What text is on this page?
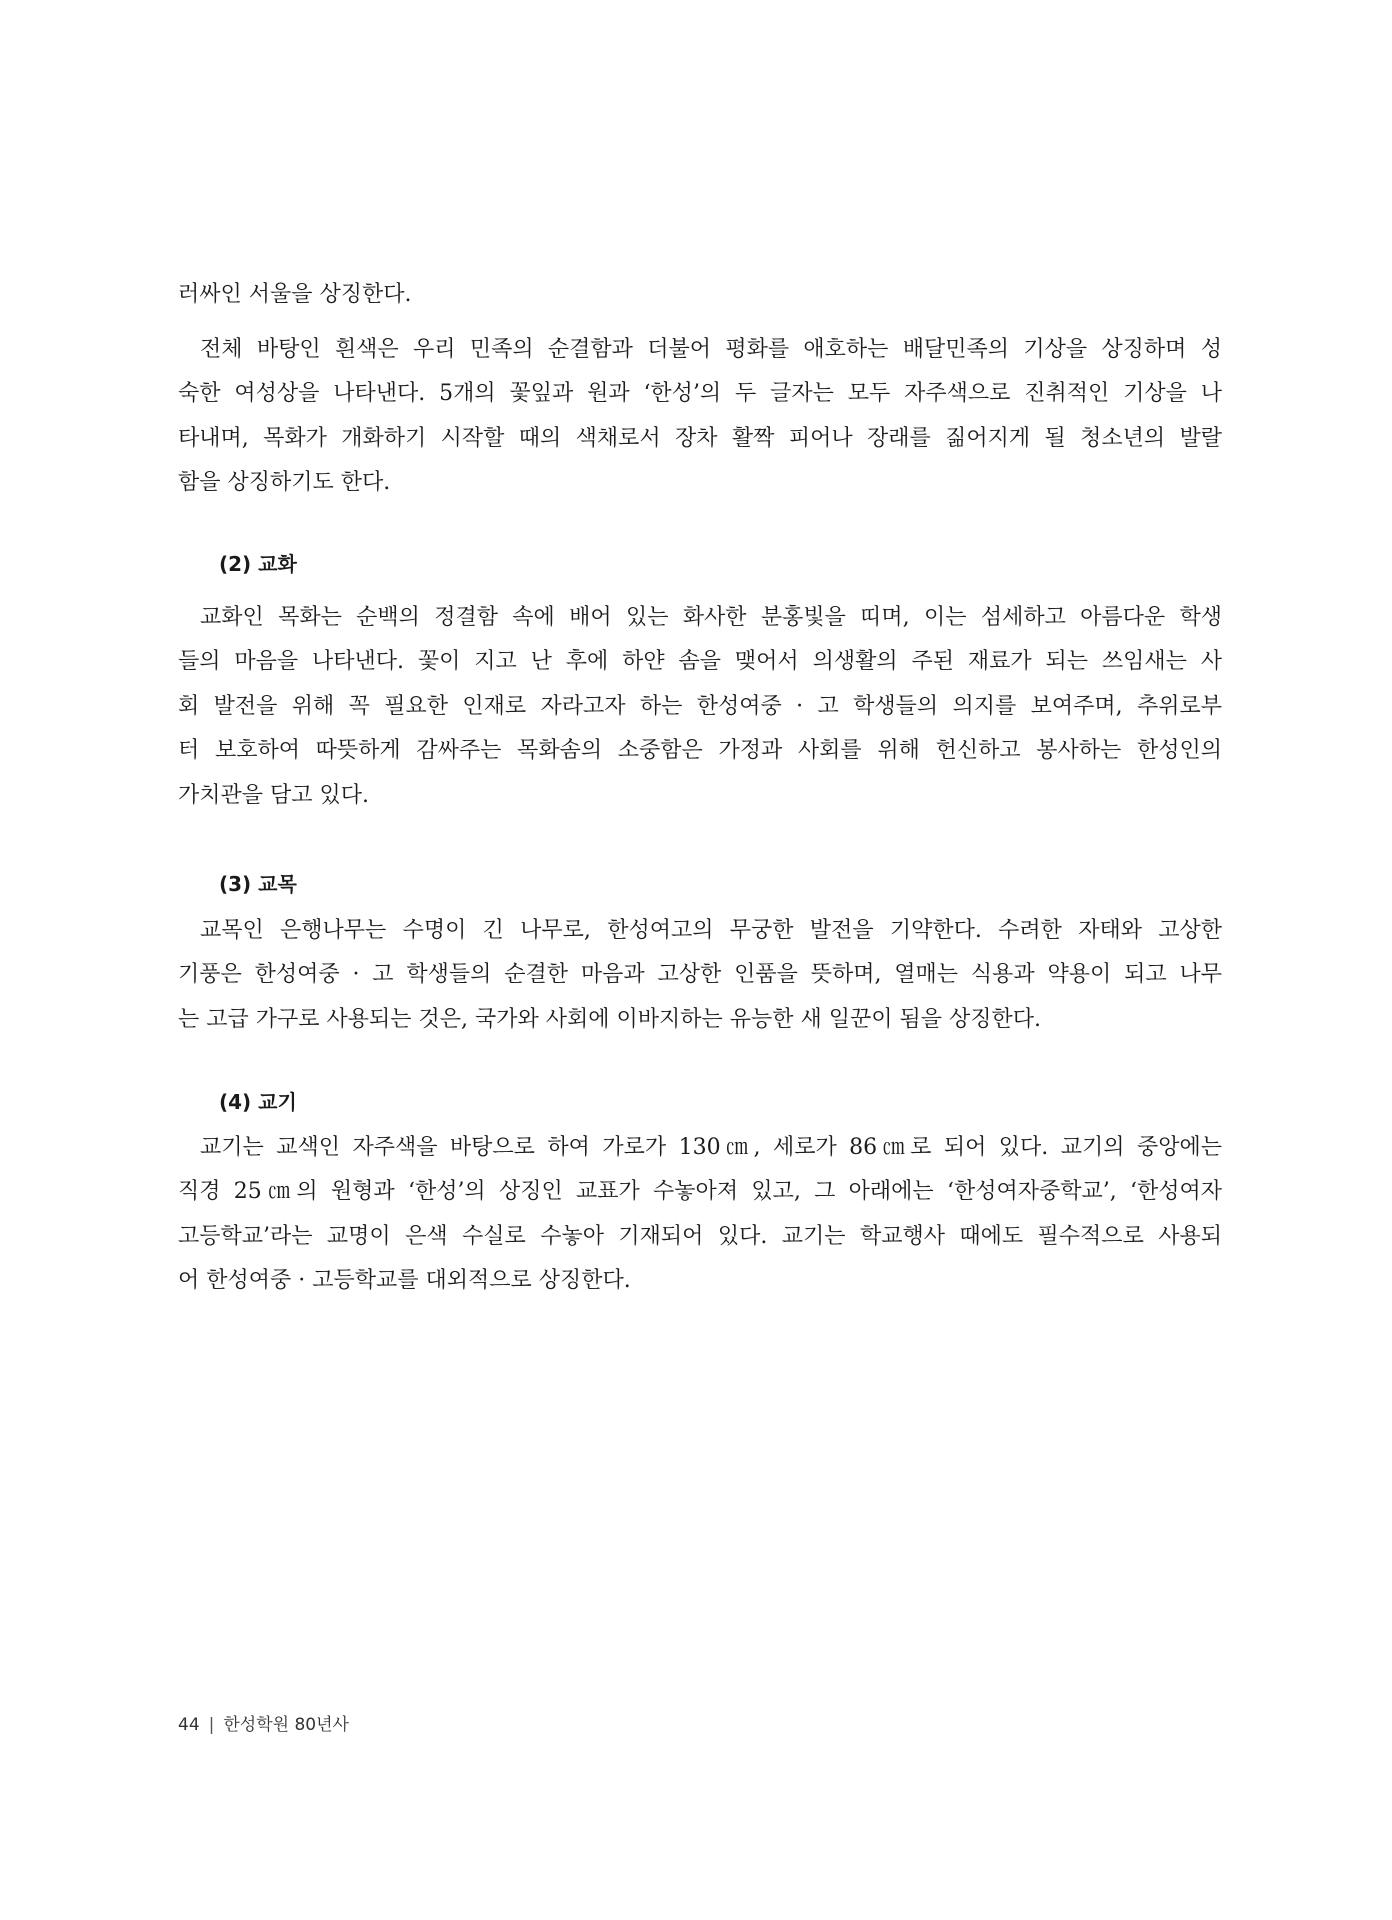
러싸인 서울을 상징한다.
전체 바탕인 흰색은 우리 민족의 순결함과 더불어 평화를 애호하는 배달민족의 기상을 상징하며 성
숙한 여성상을 나타낸다. 5개의 꽃잎과 원과 ‘한성’의 두 글자는 모두 자주색으로 진취적인 기상을 나
타내며, 목화가 개화하기 시작할 때의 색채로서 장차 활짝 피어나 장래를 짊어지게 될 청소년의 발랄
함을 상징하기도 한다.
(2) 교화
교화인 목화는 순백의 정결함 속에 배어 있는 화사한 분홍빛을 띠며, 이는 섬세하고 아름다운 학생
들의 마음을 나타낸다. 꽃이 지고 난 후에 하얀 솜을 맺어서 의생활의 주된 재료가 되는 쓰임새는 사
회 발전을 위해 꼭 필요한 인재로 자라고자 하는 한성여중 · 고 학생들의 의지를 보여주며, 추위로부
터 보호하여 따뜻하게 감싸주는 목화솜의 소중함은 가정과 사회를 위해 헌신하고 봉사하는 한성인의
가치관을 담고 있다.
(3) 교목
교목인 은행나무는 수명이 긴 나무로, 한성여고의 무궁한 발전을 기약한다. 수려한 자태와 고상한
기풍은 한성여중 · 고 학생들의 순결한 마음과 고상한 인품을 뜻하며, 열매는 식용과 약용이 되고 나무
는 고급 가구로 사용되는 것은, 국가와 사회에 이바지하는 유능한 새 일꾼이 됨을 상징한다.
(4) 교기
교기는 교색인 자주색을 바탕으로 하여 가로가 130㎝, 세로가 86㎝로 되어 있다. 교기의 중앙에는
직경 25㎝의 원형과 ‘한성’의 상징인 교표가 수놓아져 있고, 그 아래에는 ‘한성여자중학교’, ‘한성여자
고등학교’라는 교명이 은색 수실로 수놓아 기재되어 있다. 교기는 학교행사 때에도 필수적으로 사용되
어 한성여중 · 고등학교를 대외적으로 상징한다.
44 | 한성학원 80년사
